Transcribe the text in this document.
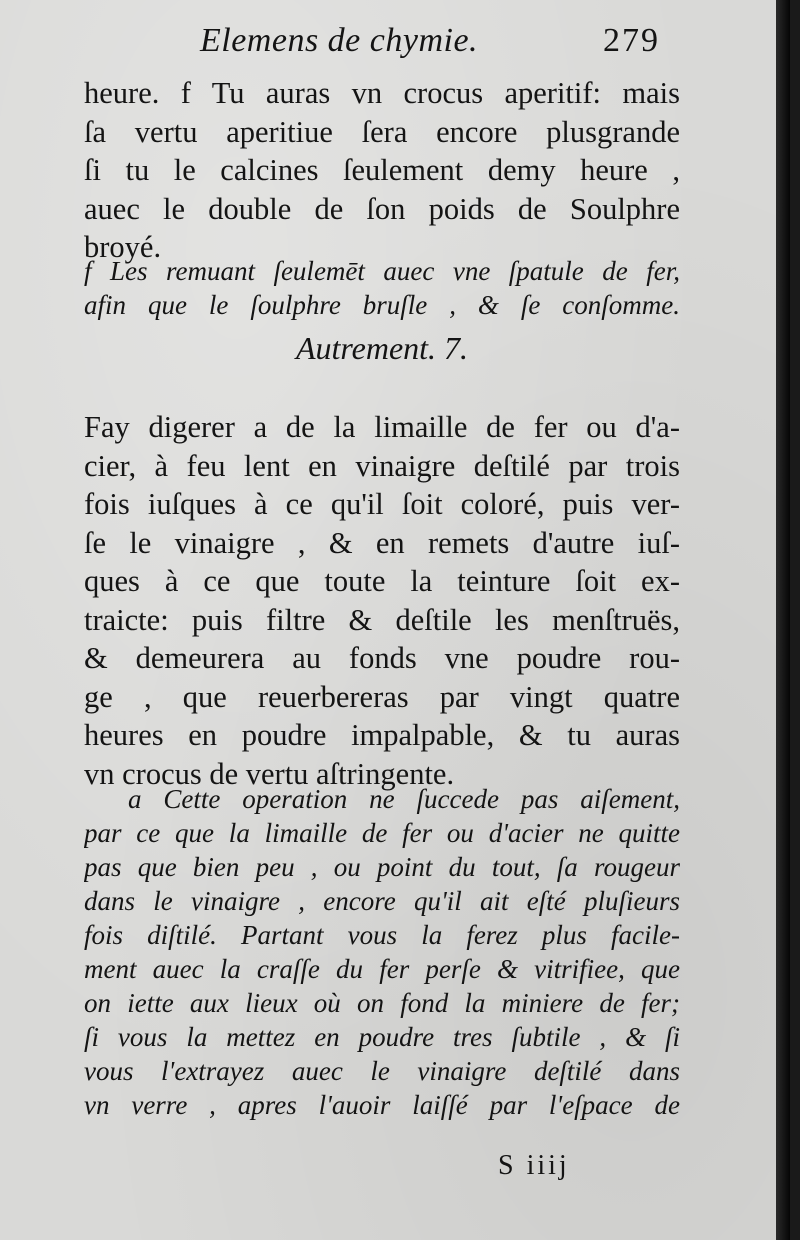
Elemens de chymie.	279
heure. f Tu auras vn crocus aperitif: mais
ſa vertu aperitiue ſera encore plusgrande
ſi tu le calcines ſeulement demy heure ,
auec le double de ſon poids de Soulphre
broyé.
f Les remuant ſeulemēt auec vne ſpatule de fer,
afin que le ſoulphre bruſle , & ſe conſomme.
Autrement. 7.
Fay digerer a de la limaille de fer ou d'a-
cier, à feu lent en vinaigre deſtilé par trois
fois iuſques à ce qu'il ſoit coloré, puis ver-
ſe le vinaigre , & en remets d'autre iuſ-
ques à ce que toute la teinture ſoit ex-
traicte: puis filtre & deſtile les menſtruës,
& demeurera au fonds vne poudre rou-
ge , que reuerbereras par vingt quatre
heures en poudre impalpable, & tu auras
vn crocus de vertu aſtringente.
a Cette operation ne ſuccede pas aiſement,
par ce que la limaille de fer ou d'acier ne quitte
pas que bien peu , ou point du tout, ſa rougeur
dans le vinaigre , encore qu'il ait eſté pluſieurs
fois diſtilé. Partant vous la ferez plus facile-
ment auec la craſſe du fer perſe & vitrifiee, que
on iette aux lieux où on fond la miniere de fer;
ſi vous la mettez en poudre tres ſubtile , & ſi
vous l'extrayez auec le vinaigre deſtilé dans
vn verre , apres l'auoir laiſſé par l'eſpace de
S iiij
